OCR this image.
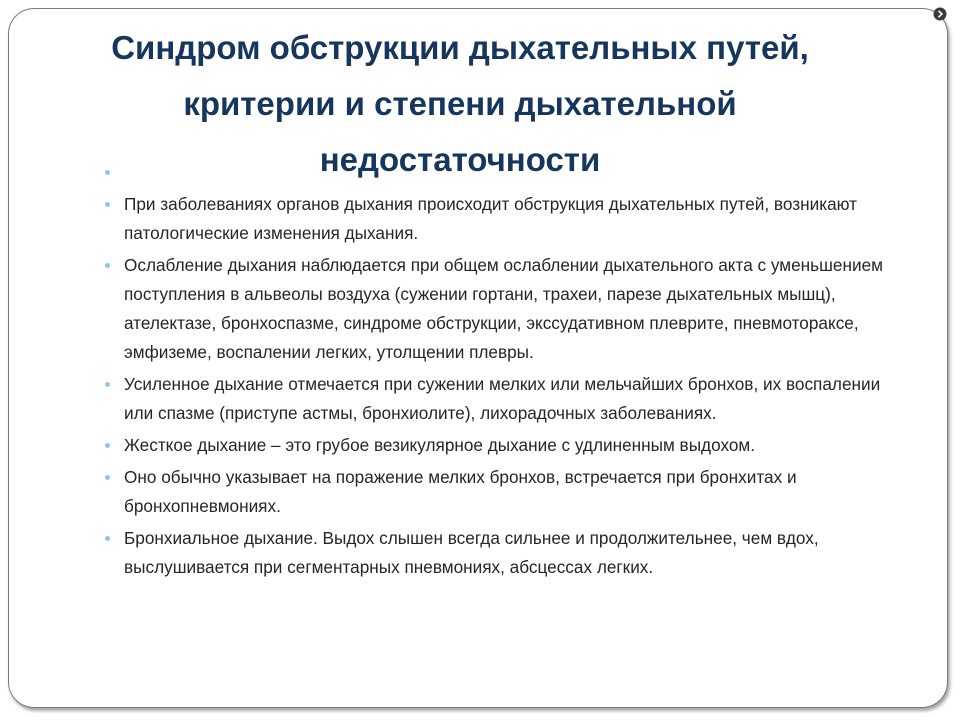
Синдром обструкции дыхательных путей, критерии и степени дыхательной недостаточности
При заболеваниях органов дыхания происходит обструкция дыхательных путей, возникают патологические изменения дыхания.
Ослабление дыхания наблюдается при общем ослаблении дыхательного акта с уменьшением поступления в альвеолы воздуха (сужении гортани, трахеи, парезе дыхательных мышц), ателектазе, бронхоспазме, синдроме обструкции, экссудативном плеврите, пневмотораксе, эмфиземе, воспалении легких, утолщении плевры.
Усиленное дыхание отмечается при сужении мелких или мельчайших бронхов, их воспалении или спазме (приступе астмы, бронхиолите), лихорадочных заболеваниях.
Жесткое дыхание – это грубое везикулярное дыхание с удлиненным выдохом.
Оно обычно указывает на поражение мелких бронхов, встречается при бронхитах и бронхопневмониях.
Бронхиальное дыхание. Выдох слышен всегда сильнее и продолжительнее, чем вдох, выслушивается при сегментарных пневмониях, абсцессах легких.
